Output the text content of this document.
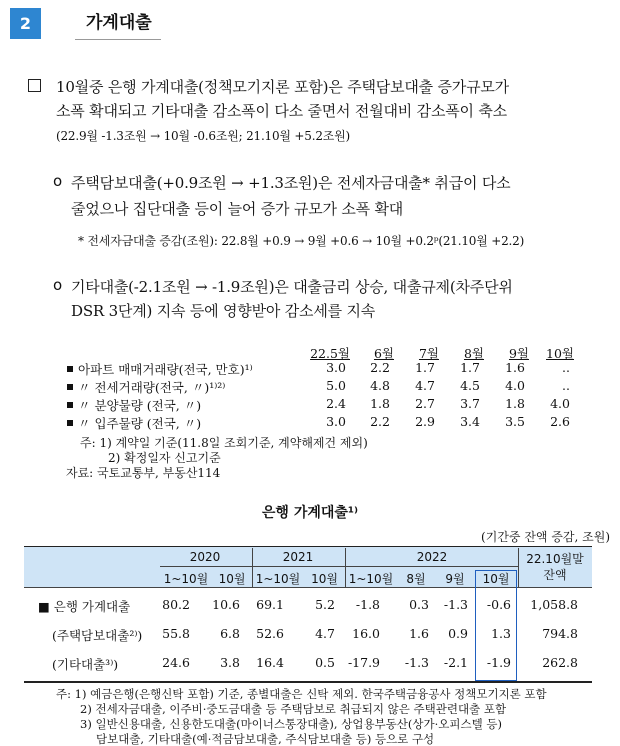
2	가계대출
10월중 은행 가계대출(정책모기지론 포함)은 주택담보대출 증가규모가
소폭 확대되고 기타대출 감소폭이 다소 줄면서 전월대비 감소폭이 축소
(22.9월 -1.3조원 → 10월 -0.6조원; 21.10월 +5.2조원)
o 주택담보대출(+0.9조원 → +1.3조원)은 전세자금대출* 취급이 다소
줄었으나 집단대출 등이 늘어 증가 규모가 소폭 확대
* 전세자금대출 증감(조원): 22.8월 +0.9 → 9월 +0.6 → 10월 +0.2ᵖ(21.10월 +2.2)
o 기타대출(-2.1조원 → -1.9조원)은 대출금리 상승, 대출규제(차주단위
DSR 3단계) 지속 등에 영향받아 감소세를 지속
22.5월	6월	7월	8월	9월	10월
아파트 매매거래량(전국, 만호)¹⁾	3.0	2.2	1.7	1.7	1.6	..
〃 전세거래량(전국, 〃)¹⁾²⁾	5.0	4.8	4.7	4.5	4.0	..
〃 분양물량 (전국, 〃)	2.4	1.8	2.7	3.7	1.8	4.0
〃 입주물량 (전국, 〃)	3.0	2.2	2.9	3.4	3.5	2.6
주: 1) 계약일 기준(11.8일 조회기준, 계약해제건 제외)
2) 확정일자 신고기준
자료: 국토교통부, 부동산114
은행 가계대출¹⁾
(기간중 잔액 증감, 조원)
2020	2021	2022
1~10월 10월 1~10월 10월 1~10월	8월	9월	10월
22.10월말
잔액
■ 은행 가계대출	80.2	10.6	69.1	5.2	-1.8	0.3	-1.3	-0.6	1,058.8
(주택담보대출²⁾)	55.8	6.8	52.6	4.7	16.0	1.6	0.9	1.3	794.8
(기타대출³⁾)	24.6	3.8	16.4	0.5	-17.9	-1.3	-2.1	-1.9	262.8
주: 1) 예금은행(은행신탁 포함) 기준, 종별대출은 신탁 제외. 한국주택금융공사 정책모기지론 포함
2) 전세자금대출, 이주비·중도금대출 등 주택담보로 취급되지 않은 주택관련대출 포함
3) 일반신용대출, 신용한도대출(마이너스통장대출), 상업용부동산(상가·오피스텔 등)
담보대출, 기타대출(예·적금담보대출, 주식담보대출 등) 등으로 구성
